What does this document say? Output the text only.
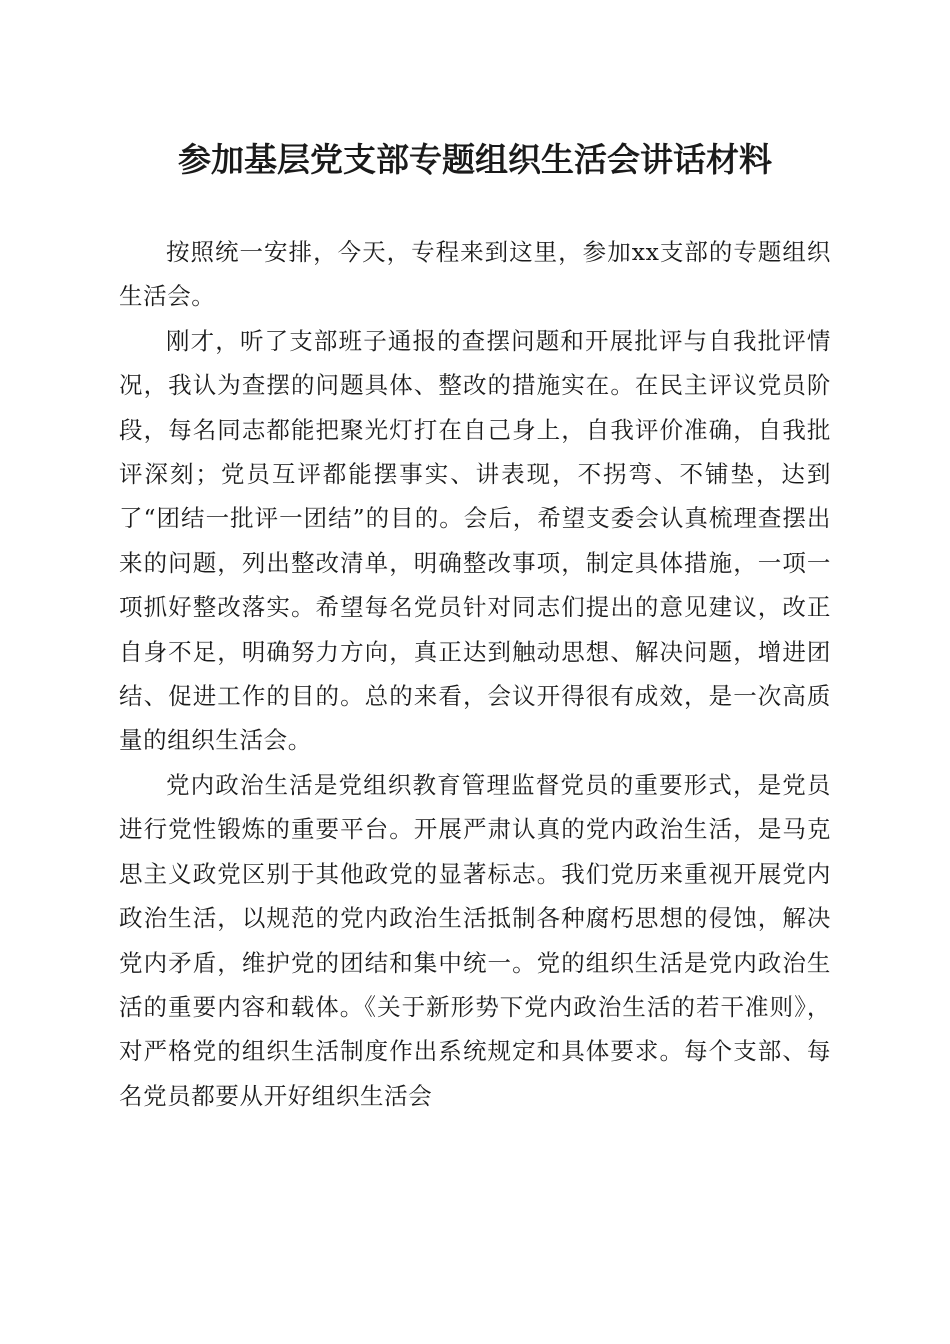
参加基层党支部专题组织生活会讲话材料

按照统一安排，今天，专程来到这里，参加xx支部的专题组织生活会。

刚才，听了支部班子通报的查摆问题和开展批评与自我批评情况，我认为查摆的问题具体、整改的措施实在。在民主评议党员阶段，每名同志都能把聚光灯打在自己身上，自我评价准确，自我批评深刻；党员互评都能摆事实、讲表现，不拐弯、不铺垫，达到了“团结一批评一团结”的目的。会后，希望支委会认真梳理查摆出来的问题，列出整改清单，明确整改事项，制定具体措施，一项一项抓好整改落实。希望每名党员针对同志们提出的意见建议，改正自身不足，明确努力方向，真正达到触动思想、解决问题，增进团结、促进工作的目的。总的来看，会议开得很有成效，是一次高质量的组织生活会。

党内政治生活是党组织教育管理监督党员的重要形式，是党员进行党性锻炼的重要平台。开展严肃认真的党内政治生活，是马克思主义政党区别于其他政党的显著标志。我们党历来重视开展党内政治生活，以规范的党内政治生活抵制各种腐朽思想的侵蚀，解决党内矛盾，维护党的团结和集中统一。党的组织生活是党内政治生活的重要内容和载体。《关于新形势下党内政治生活的若干准则》，对严格党的组织生活制度作出系统规定和具体要求。每个支部、每名党员都要从开好组织生活会
